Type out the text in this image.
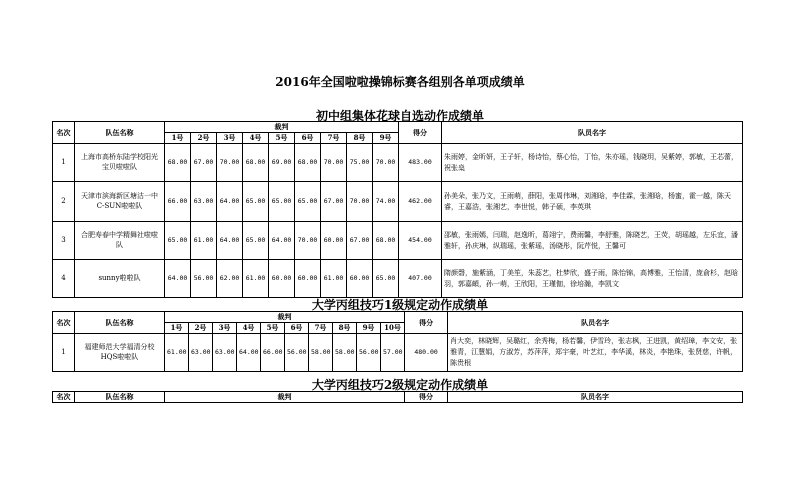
2016年全国啦啦操锦标赛各组别各单项成绩单
初中组集体花球自选动作成绩单
名次	队伍名称	裁判									得分	队员名字
		1号	2号	3号	4号	5号	6号	7号	8号	9号		
1	上海市高桥东陆学校阳光宝贝啦啦队	68.00	67.00	70.00	68.00	69.00	68.00	70.00	75.00	70.00	483.00	朱雨婷，金昕妍，王子轩，杨诗怡，蔡心怡，丁怡，朱亦瑶，钱晓玥，吴紫婷，郭敏，王芯蕾，祝张燊
2	天津市滨海新区塘沽一中C-SUN啦啦队	66.00	63.00	64.00	65.00	65.00	65.00	67.00	70.00	74.00	462.00	孙美朵，张乃文，王雨萌，薛阳，张周伟琳，刘湘晗，李佳霖，张湘晗，杨蜜，霍一越，陈天睿，王嘉浩，张湘艺，李世悦，韩子硕，李英琪
3	合肥寿春中学精舞社啦啦队	65.00	61.00	64.00	65.00	64.00	70.00	60.00	67.00	68.00	454.00	邵敏，张雨嫣，闫瑞，赵逸昕，葛翊宁，费雨馨，李舒雅，陈晓艺，王荧，胡瑶越，左乐宜，潘雅轩，孙庆琳，纵瑞瑶，张紫瑶，汤晓彤，阮芹悦，王馨可
4	sunny啦啦队	64.00	56.00	62.00	61.00	60.00	60.00	61.00	60.00	65.00	407.00	隋颜磬，施紫涵，丁美笙，朱蕊艺，杜梦欣，盛子雨，陈怡锦，高博雅，王怡清，庞俞杉，赵晗羽，郭嘉頔，孙一萌，王欣阳，王瑾伽，徐培瀚，李凯文
大学丙组技巧1级规定动作成绩单
名次	队伍名称	裁判										得分	队员名字
		1号	2号	3号	4号	5号	6号	7号	8号	9号	10号		
1	福建师范大学福清分校HQS啦啦队	61.00	63.00	63.00	64.00	66.00	56.00	58.00	58.00	56.00	57.00	480.00	肖大奕，林晓辉，吴璐红，余秀梅，杨若馨，伊雪玲，张志枫，王进凯，黄绍璋，李文安，张雅青，江慧娟，方淑芳，苏萍萍，郑宇豪，叶艺红，李华溪，林炎，李艳珠，张贤慈，许帆，陈贵根
大学丙组技巧2级规定动作成绩单
名次	队伍名称	裁判	得分	队员名字
